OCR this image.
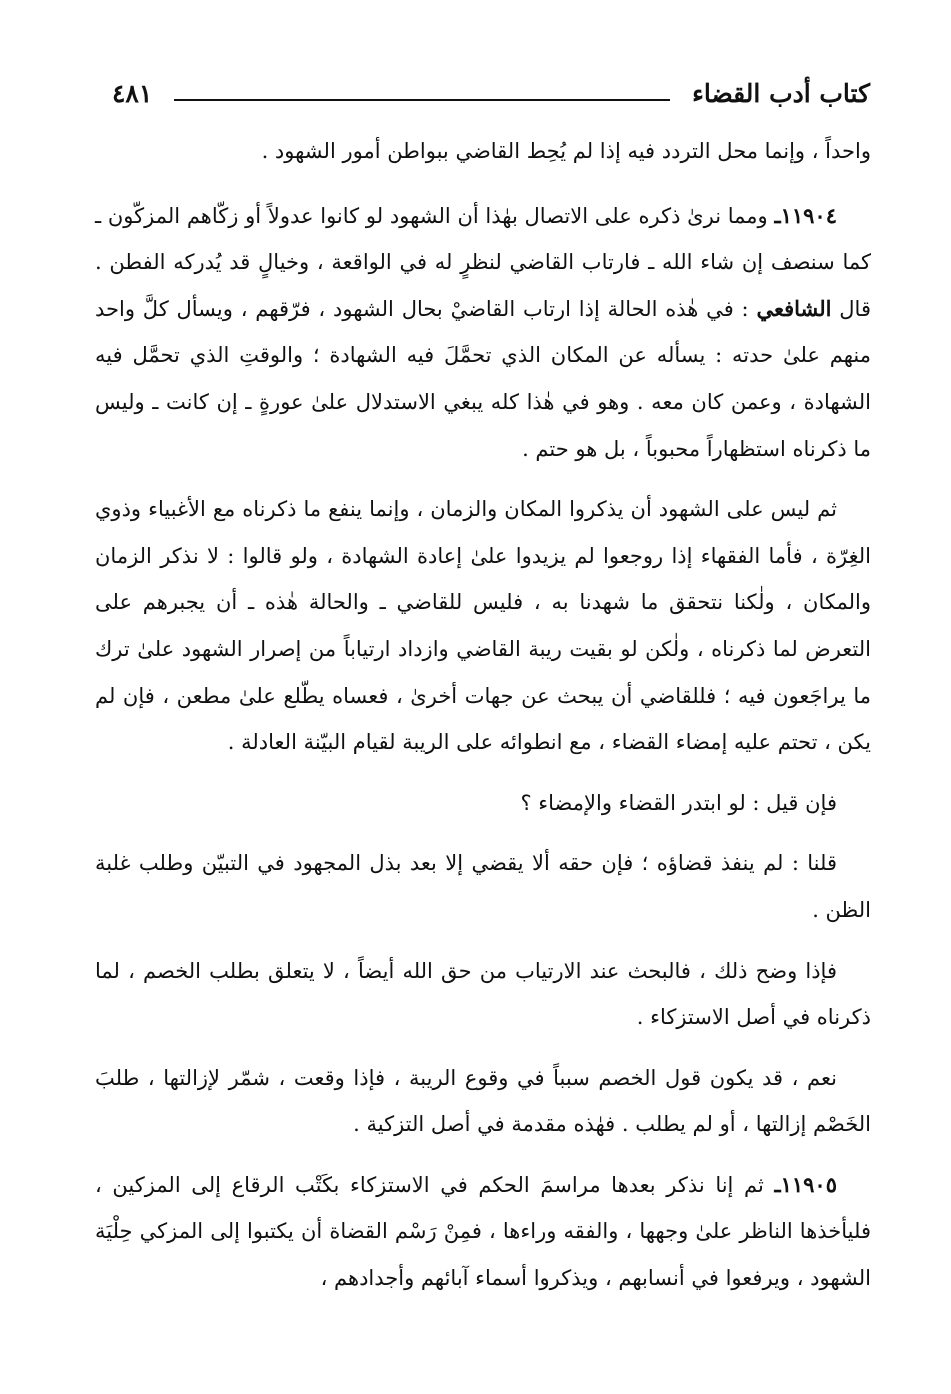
كتاب أدب القضاء
٤٨١

واحداً ، وإنما محل التردد فيه إذا لم يُحِط القاضي ببواطن أمور الشهود .

١١٩٠٤ـ ومما نرىٰ ذكره على الاتصال بهٰذا أن الشهود لو كانوا عدولاً أو زكّاهم المزكّون ـ كما سنصف إن شاء الله ـ فارتاب القاضي لنظرٍ له في الواقعة ، وخيالٍ قد يُدركه الفطن . قال الشافعي : في هٰذه الحالة إذا ارتاب القاضيْ بحال الشهود ، فرّقهم ، ويسأل كلَّ واحد منهم علىٰ حدته : يسأله عن المكان الذي تحمَّلَ فيه الشهادة ؛ والوقتِ الذي تحمَّل فيه الشهادة ، وعمن كان معه . وهو في هٰذا كله يبغي الاستدلال علىٰ عورةٍ ـ إن كانت ـ وليس ما ذكرناه استظهاراً محبوباً ، بل هو حتم .

ثم ليس على الشهود أن يذكروا المكان والزمان ، وإنما ينفع ما ذكرناه مع الأغبياء وذوي الغِرّة ، فأما الفقهاء إذا روجعوا لم يزيدوا علىٰ إعادة الشهادة ، ولو قالوا : لا نذكر الزمان والمكان ، ولٰكنا نتحقق ما شهدنا به ، فليس للقاضي ـ والحالة هٰذه ـ أن يجبرهم على التعرض لما ذكرناه ، ولٰكن لو بقيت ريبة القاضي وازداد ارتياباً من إصرار الشهود علىٰ ترك ما يراجَعون فيه ؛ فللقاضي أن يبحث عن جهات أخرىٰ ، فعساه يطّلع علىٰ مطعن ، فإن لم يكن ، تحتم عليه إمضاء القضاء ، مع انطوائه على الريبة لقيام البيّنة العادلة .

فإن قيل : لو ابتدر القضاء والإمضاء ؟

قلنا : لم ينفذ قضاؤه ؛ فإن حقه ألا يقضي إلا بعد بذل المجهود في التبيّن وطلب غلبة الظن .

فإذا وضح ذلك ، فالبحث عند الارتياب من حق الله أيضاً ، لا يتعلق بطلب الخصم ، لما ذكرناه في أصل الاستزكاء .

نعم ، قد يكون قول الخصم سبباً في وقوع الريبة ، فإذا وقعت ، شمّر لإزالتها ، طلبَ الخَصْم إزالتها ، أو لم يطلب . فهٰذه مقدمة في أصل التزكية .

١١٩٠٥ـ ثم إنا نذكر بعدها مراسمَ الحكم في الاستزكاء بكَتْب الرقاع إلى المزكين ، فليأخذها الناظر علىٰ وجهها ، والفقه وراءها ، فمِنْ رَسْم القضاة أن يكتبوا إلى المزكي حِلْيَة الشهود ، ويرفعوا في أنسابهم ، ويذكروا أسماء آبائهم وأجدادهم ،
